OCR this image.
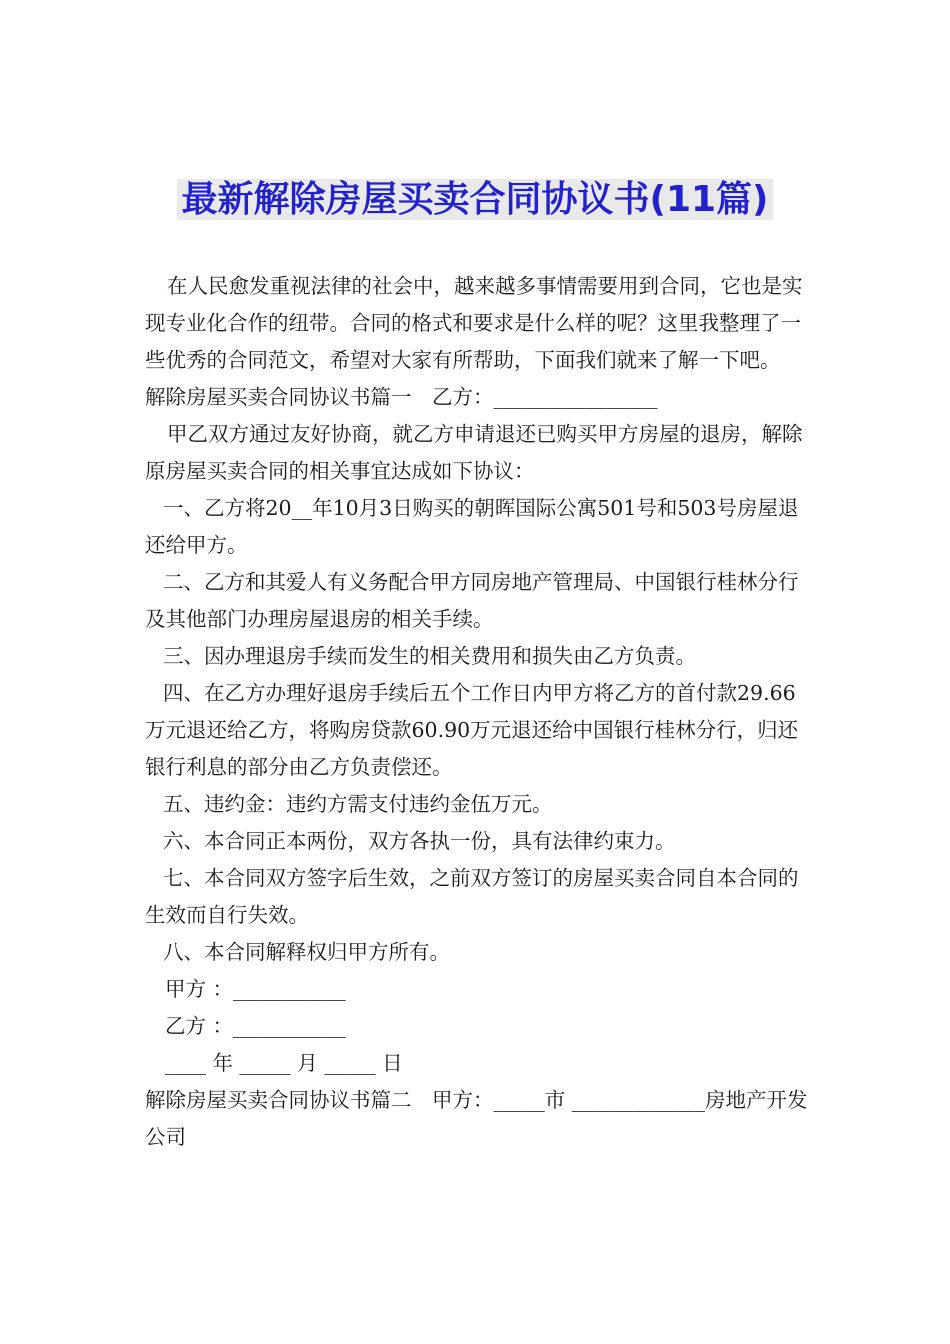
最新解除房屋买卖合同协议书(11篇)

在人民愈发重视法律的社会中，越来越多事情需要用到合同，它也是实现专业化合作的纽带。合同的格式和要求是什么样的呢？这里我整理了一些优秀的合同范文，希望对大家有所帮助，下面我们就来了解一下吧。

解除房屋买卖合同协议书篇一　乙方：________________

甲乙双方通过友好协商，就乙方申请退还已购买甲方房屋的退房，解除原房屋买卖合同的相关事宜达成如下协议：

一、乙方将20__年10月3日购买的朝晖国际公寓501号和503号房屋退还给甲方。

二、乙方和其爱人有义务配合甲方同房地产管理局、中国银行桂林分行及其他部门办理房屋退房的相关手续。

三、因办理退房手续而发生的相关费用和损失由乙方负责。

四、在乙方办理好退房手续后五个工作日内甲方将乙方的首付款29.66万元退还给乙方，将购房贷款60.90万元退还给中国银行桂林分行，归还银行利息的部分由乙方负责偿还。

五、违约金：违约方需支付违约金伍万元。

六、本合同正本两份，双方各执一份，具有法律约束力。

七、本合同双方签字后生效，之前双方签订的房屋买卖合同自本合同的生效而自行失效。

八、本合同解释权归甲方所有。

甲方 ：___________

乙方 ：___________

____ 年 _____ 月 _____ 日

解除房屋买卖合同协议书篇二　甲方：_____市 _____________房地产开发公司
